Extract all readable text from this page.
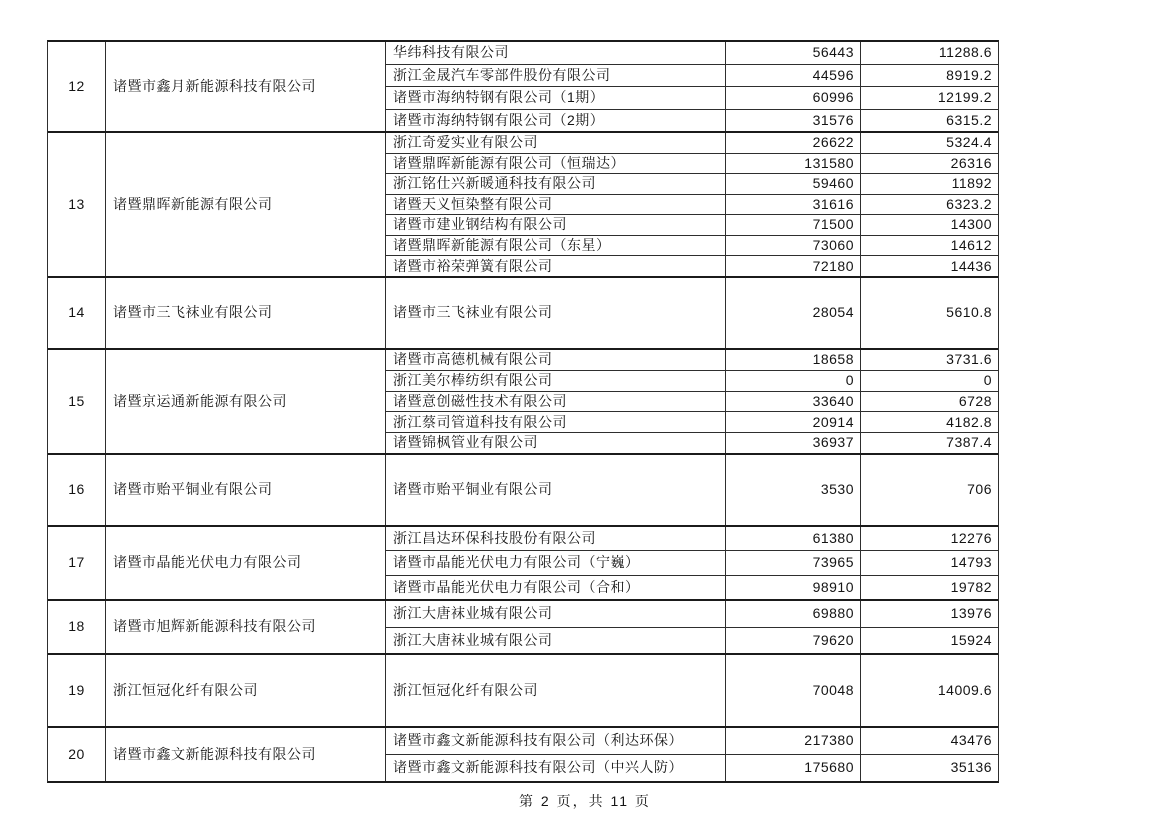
12	诸暨市鑫月新能源科技有限公司
华纬科技有限公司	56443	11288.6
浙江金晟汽车零部件股份有限公司	44596	8919.2
诸暨市海纳特钢有限公司（1期）	60996	12199.2
诸暨市海纳特钢有限公司（2期）	31576	6315.2
13	诸暨鼎晖新能源有限公司
浙江奇爱实业有限公司	26622	5324.4
诸暨鼎晖新能源有限公司（恒瑞达）	131580	26316
浙江铭仕兴新暖通科技有限公司	59460	11892
诸暨天义恒染整有限公司	31616	6323.2
诸暨市建业钢结构有限公司	71500	14300
诸暨鼎晖新能源有限公司（东星）	73060	14612
诸暨市裕荣弹簧有限公司	72180	14436
14	诸暨市三飞袜业有限公司	诸暨市三飞袜业有限公司	28054	5610.8
15	诸暨京运通新能源有限公司
诸暨市高德机械有限公司	18658	3731.6
浙江美尔棒纺织有限公司	0	0
诸暨意创磁性技术有限公司	33640	6728
浙江蔡司管道科技有限公司	20914	4182.8
诸暨锦枫管业有限公司	36937	7387.4
16	诸暨市贻平铜业有限公司	诸暨市贻平铜业有限公司	3530	706
17	诸暨市晶能光伏电力有限公司
浙江昌达环保科技股份有限公司	61380	12276
诸暨市晶能光伏电力有限公司（宁巍）	73965	14793
诸暨市晶能光伏电力有限公司（合和）	98910	19782
18	诸暨市旭辉新能源科技有限公司
浙江大唐袜业城有限公司	69880	13976
浙江大唐袜业城有限公司	79620	15924
19	浙江恒冠化纤有限公司	浙江恒冠化纤有限公司	70048	14009.6
20	诸暨市鑫文新能源科技有限公司
诸暨市鑫文新能源科技有限公司（利达环保）	217380	43476
诸暨市鑫文新能源科技有限公司（中兴人防）	175680	35136
第 2 页，共 11 页
